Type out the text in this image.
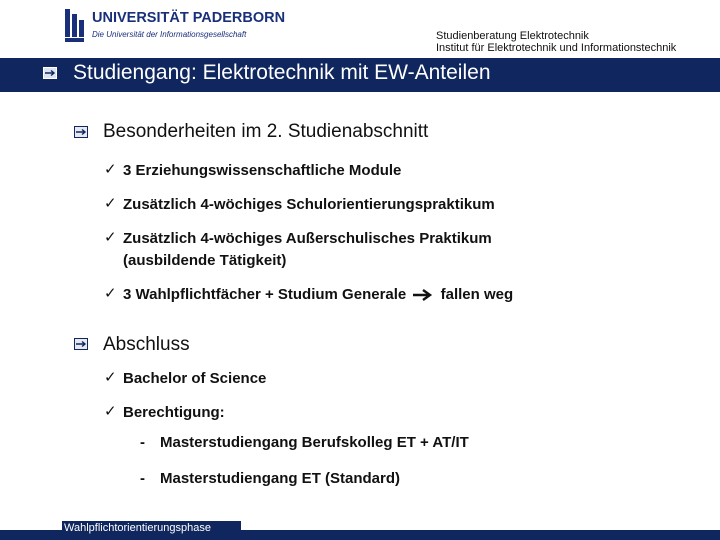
UNIVERSITÄT PADERBORN
Die Universität der Informationsgesellschaft	Studienberatung Elektrotechnik
Institut für Elektrotechnik und Informationstechnik
Studiengang: Elektrotechnik mit EW-Anteilen
Besonderheiten im 2. Studienabschnitt
✓ 3 Erziehungswissenschaftliche Module
✓ Zusätzlich 4-wöchiges Schulorientierungspraktikum
✓ Zusätzlich 4-wöchiges Außerschulisches Praktikum
(ausbildende Tätigkeit)
✓ 3 Wahlpflichtfächer + Studium Generale fallen weg
Abschluss
✓ Bachelor of Science
✓ Berechtigung:
- Masterstudiengang Berufskolleg ET + AT/IT
- Masterstudiengang ET (Standard)
Wahlpflichtorientierungsphase
